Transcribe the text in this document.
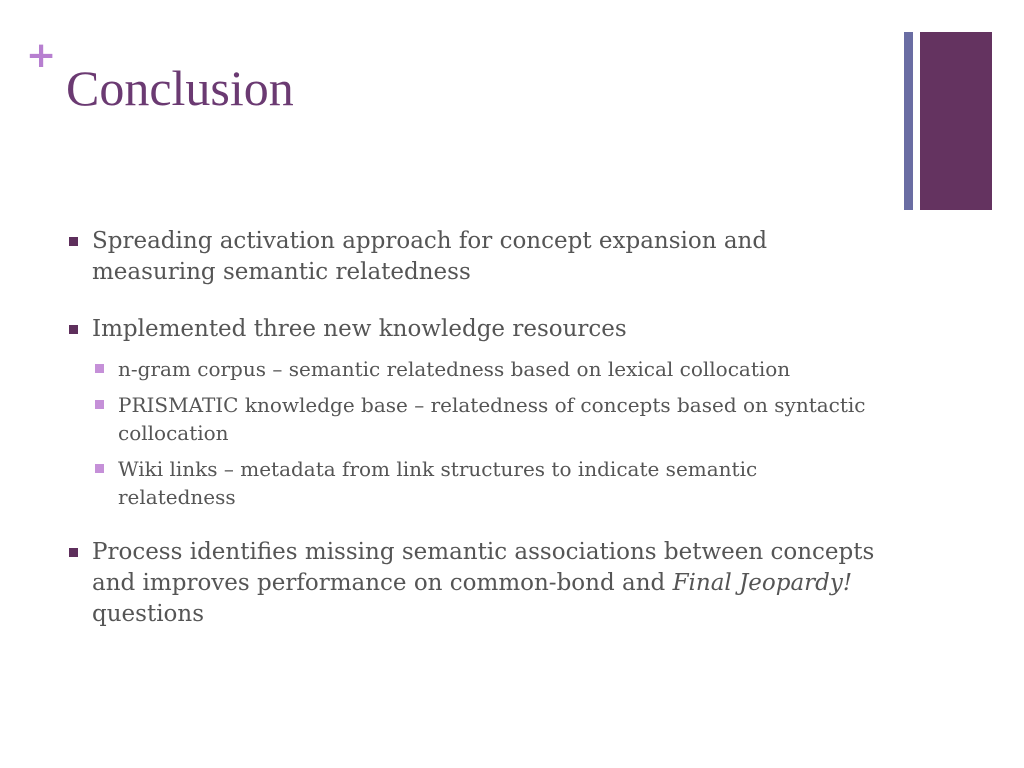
+
Conclusion
Spreading activation approach for concept expansion and measuring semantic relatedness
Implemented three new knowledge resources
n-gram corpus – semantic relatedness based on lexical collocation
PRISMATIC knowledge base – relatedness of concepts based on syntactic collocation
Wiki links – metadata from link structures to indicate semantic relatedness
Process identifies missing semantic associations between concepts and improves performance on common-bond and Final Jeopardy! questions
